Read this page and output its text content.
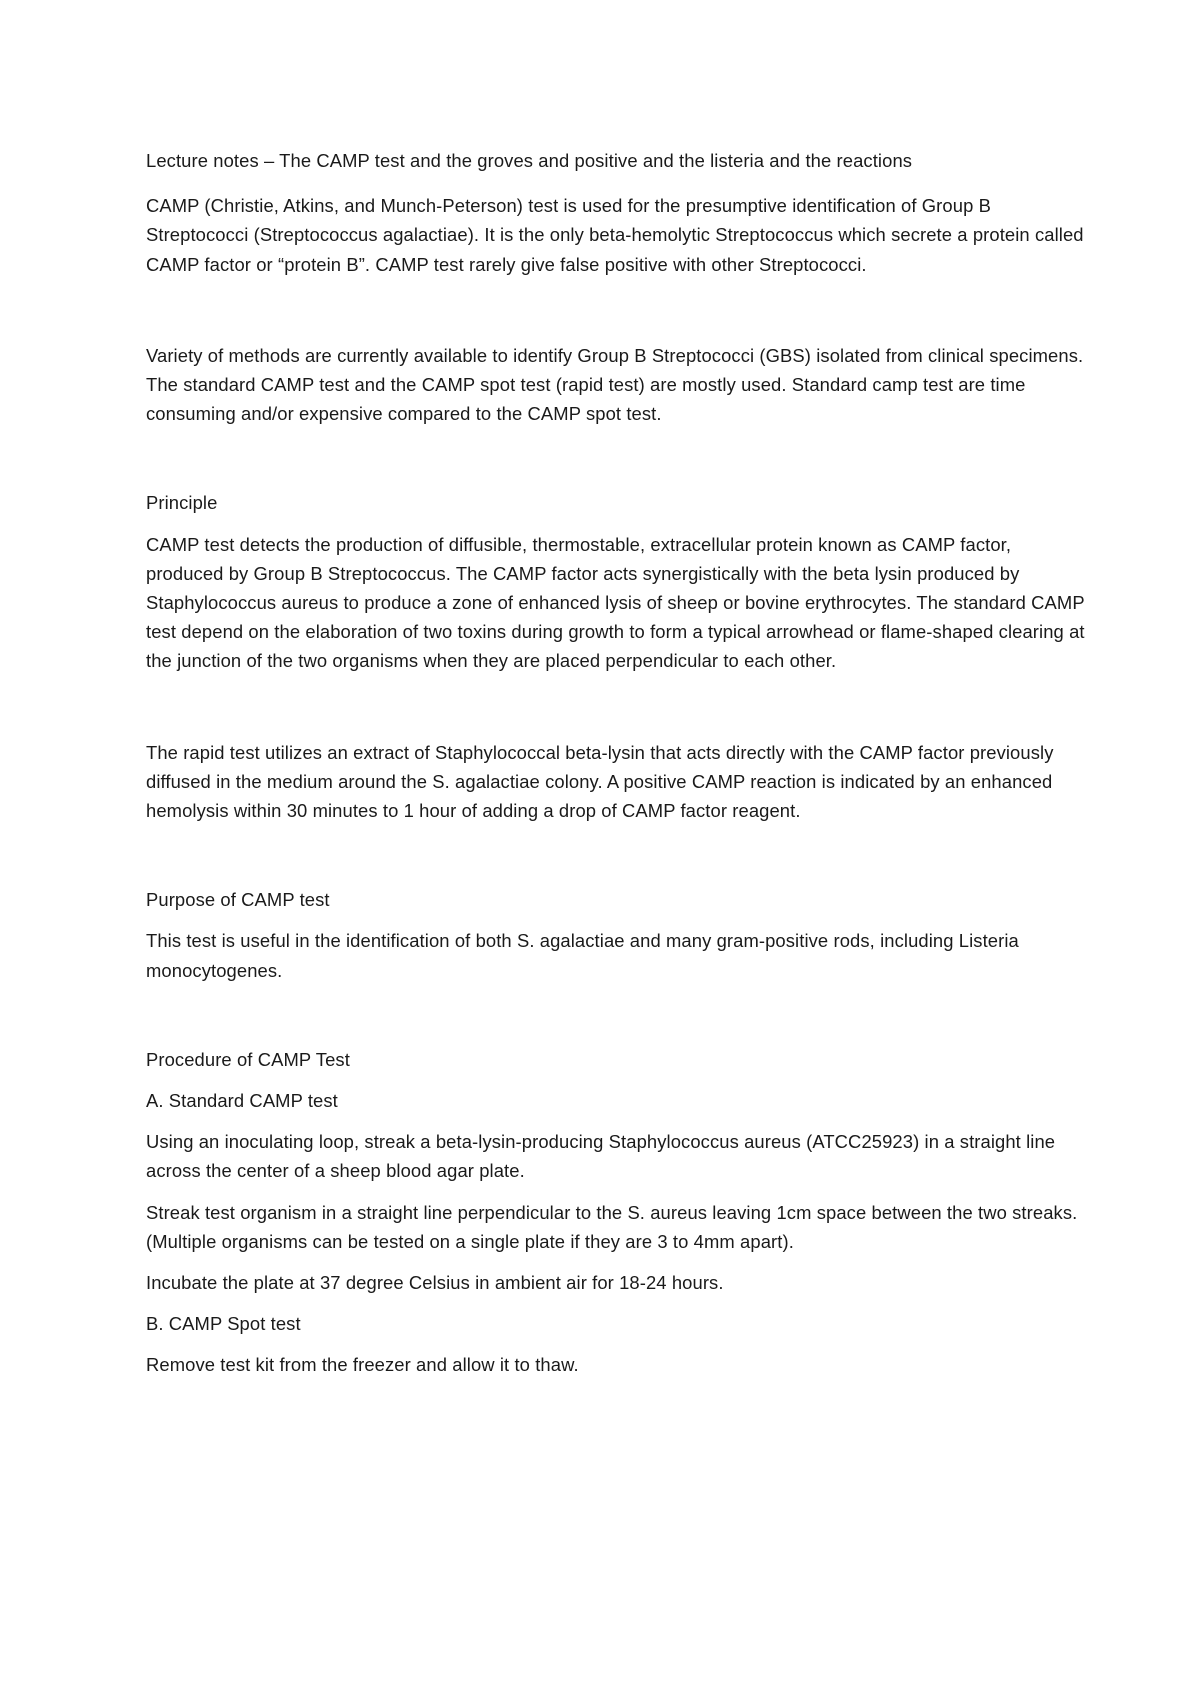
Lecture notes – The CAMP test and the groves and positive and the listeria and the reactions

CAMP (Christie, Atkins, and Munch-Peterson) test is used for the presumptive identification of Group B Streptococci (Streptococcus agalactiae). It is the only beta-hemolytic Streptococcus which secrete a protein called CAMP factor or “protein B”. CAMP test rarely give false positive with other Streptococci.

Variety of methods are currently available to identify Group B Streptococci (GBS) isolated from clinical specimens. The standard CAMP test and the CAMP spot test (rapid test) are mostly used. Standard camp test are time consuming and/or expensive compared to the CAMP spot test.

Principle

CAMP test detects the production of diffusible, thermostable, extracellular protein known as CAMP factor, produced by Group B Streptococcus. The CAMP factor acts synergistically with the beta lysin produced by Staphylococcus aureus to produce a zone of enhanced lysis of sheep or bovine erythrocytes. The standard CAMP test depend on the elaboration of two toxins during growth to form a typical arrowhead or flame-shaped clearing at the junction of the two organisms when they are placed perpendicular to each other.

The rapid test utilizes an extract of Staphylococcal beta-lysin that acts directly with the CAMP factor previously diffused in the medium around the S. agalactiae colony. A positive CAMP reaction is indicated by an enhanced hemolysis within 30 minutes to 1 hour of adding a drop of CAMP factor reagent.

Purpose of CAMP test

This test is useful in the identification of both S. agalactiae and many gram-positive rods, including Listeria monocytogenes.

Procedure of CAMP Test

A. Standard CAMP test

Using an inoculating loop, streak a beta-lysin-producing Staphylococcus aureus (ATCC25923) in a straight line across the center of a sheep blood agar plate.

Streak test organism in a straight line perpendicular to the S. aureus leaving 1cm space between the two streaks. (Multiple organisms can be tested on a single plate if they are 3 to 4mm apart).

Incubate the plate at 37 degree Celsius in ambient air for 18-24 hours.

B. CAMP Spot test

Remove test kit from the freezer and allow it to thaw.
